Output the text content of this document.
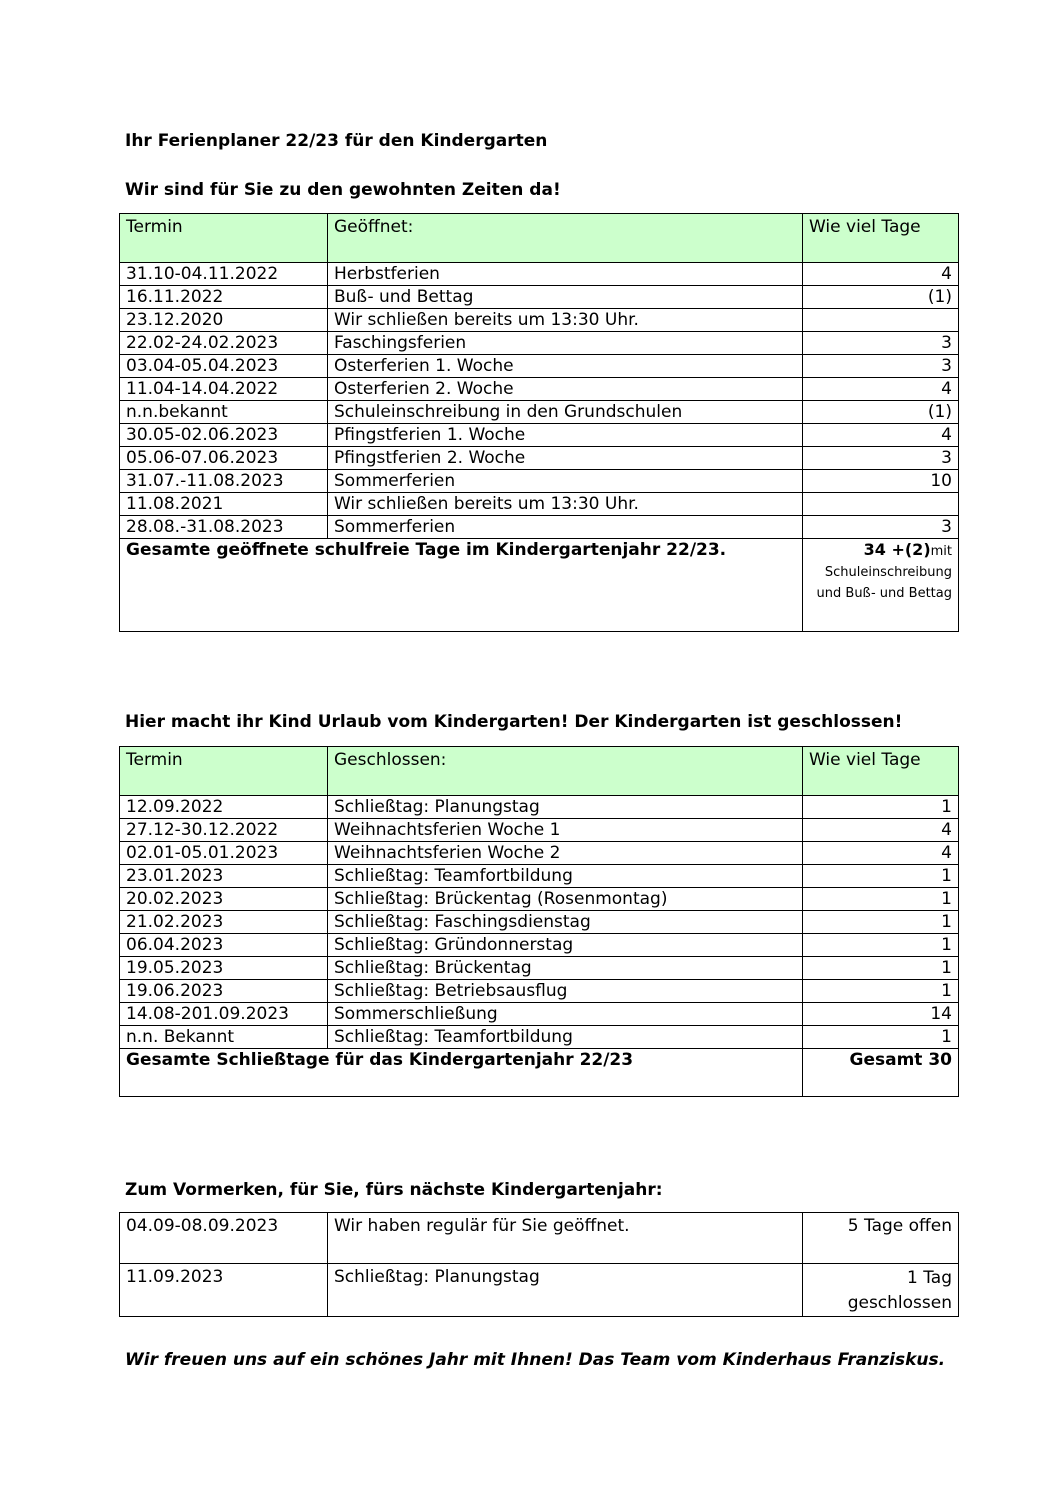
Ihr Ferienplaner 22/23 für den Kindergarten
Wir sind für Sie zu den gewohnten Zeiten da!
Termin	Geöffnet:	Wie viel Tage
31.10-04.11.2022	Herbstferien	4
16.11.2022	Buß- und Bettag	(1)
23.12.2020	Wir schließen bereits um 13:30 Uhr.	
22.02-24.02.2023	Faschingsferien	3
03.04-05.04.2023	Osterferien 1. Woche	3
11.04-14.04.2022	Osterferien 2. Woche	4
n.n.bekannt	Schuleinschreibung in den Grundschulen	(1)
30.05-02.06.2023	Pfingstferien 1. Woche	4
05.06-07.06.2023	Pfingstferien 2. Woche	3
31.07.-11.08.2023	Sommerferien	10
11.08.2021	Wir schließen bereits um 13:30 Uhr.	
28.08.-31.08.2023	Sommerferien	3
Gesamte geöffnete schulfreie Tage im Kindergartenjahr 22/23.		34 +(2)mit Schuleinschreibung und Buß- und Bettag
Hier macht ihr Kind Urlaub vom Kindergarten! Der Kindergarten ist geschlossen!
Termin	Geschlossen:	Wie viel Tage
12.09.2022	Schließtag: Planungstag	1
27.12-30.12.2022	Weihnachtsferien Woche 1	4
02.01-05.01.2023	Weihnachtsferien Woche 2	4
23.01.2023	Schließtag: Teamfortbildung	1
20.02.2023	Schließtag: Brückentag (Rosenmontag)	1
21.02.2023	Schließtag: Faschingsdienstag	1
06.04.2023	Schließtag: Gründonnerstag	1
19.05.2023	Schließtag: Brückentag	1
19.06.2023	Schließtag: Betriebsausflug	1
14.08-201.09.2023	Sommerschließung	14
n.n. Bekannt	Schließtag: Teamfortbildung	1
Gesamte Schließtage für das Kindergartenjahr 22/23		Gesamt 30
Zum Vormerken, für Sie, fürs nächste Kindergartenjahr:
04.09-08.09.2023	Wir haben regulär für Sie geöffnet.	5 Tage offen
11.09.2023	Schließtag: Planungstag	1 Tag geschlossen
Wir freuen uns auf ein schönes Jahr mit Ihnen! Das Team vom Kinderhaus Franziskus.
